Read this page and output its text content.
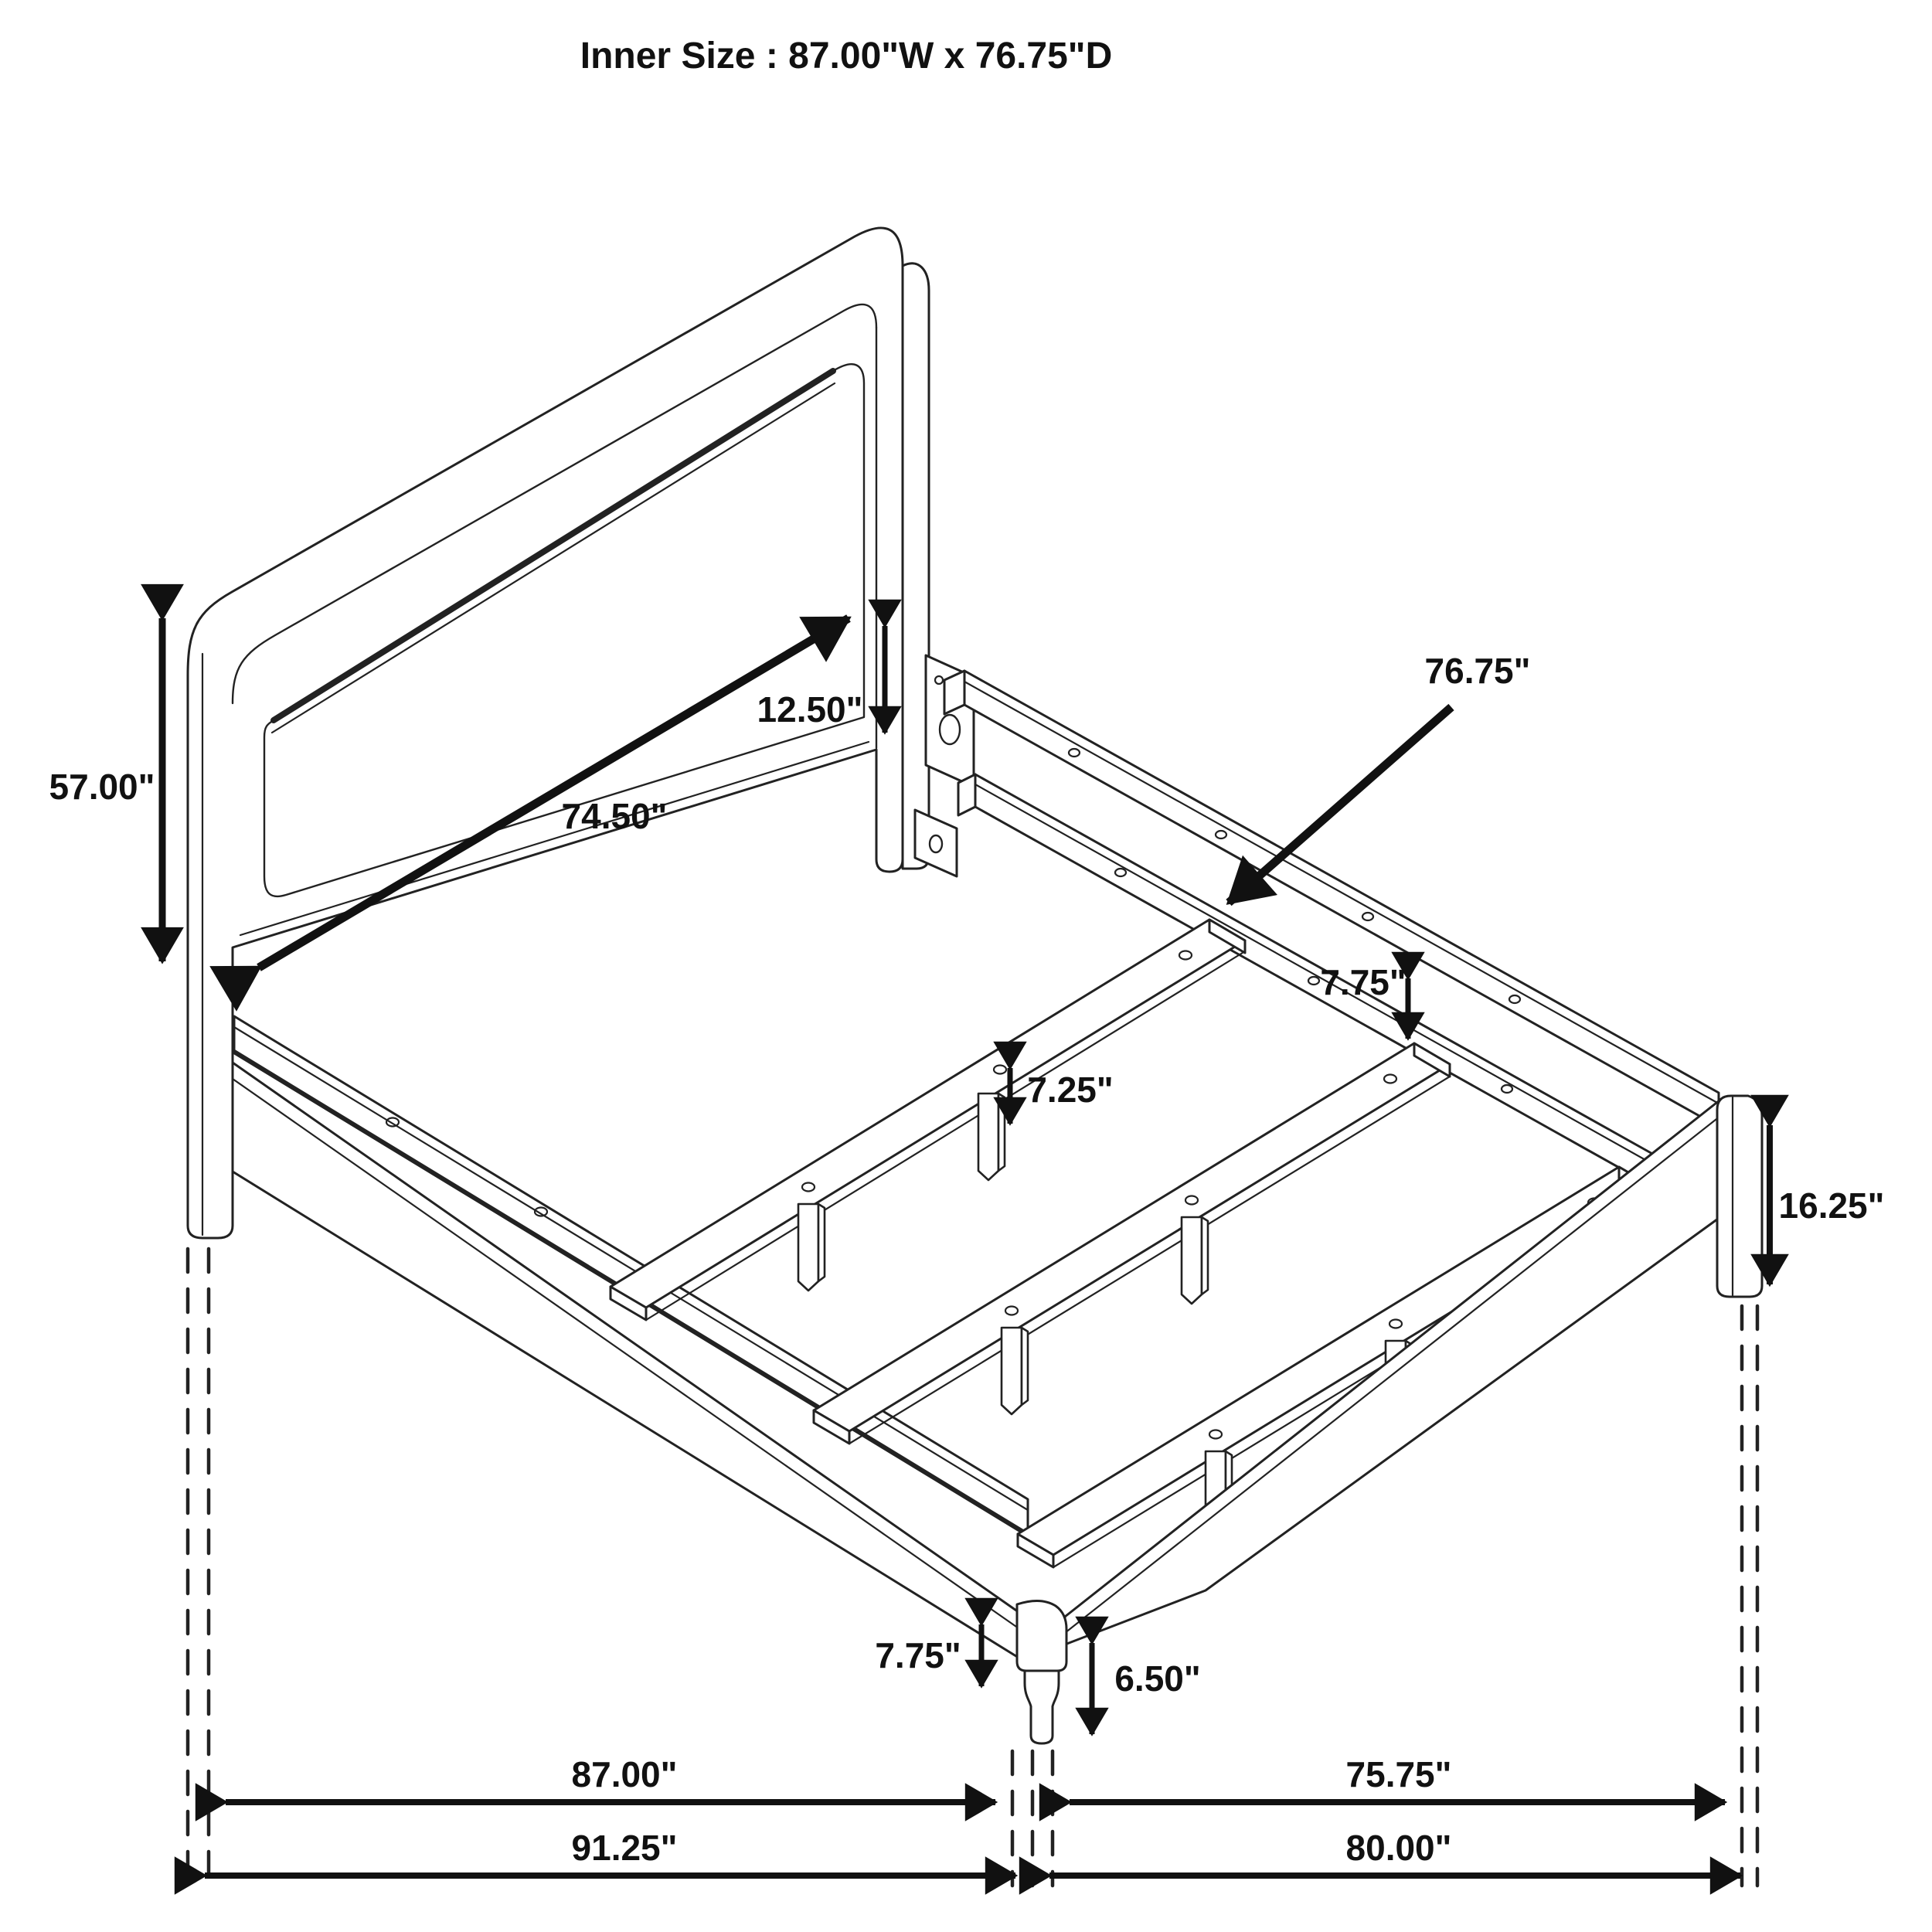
Inner Size : 87.00"W x 76.75"D
57.00"
74.50"
12.50"
76.75"
7.75"
7.25"
16.25"
7.75"
6.50"
87.00"
91.25"
75.75"
80.00"
